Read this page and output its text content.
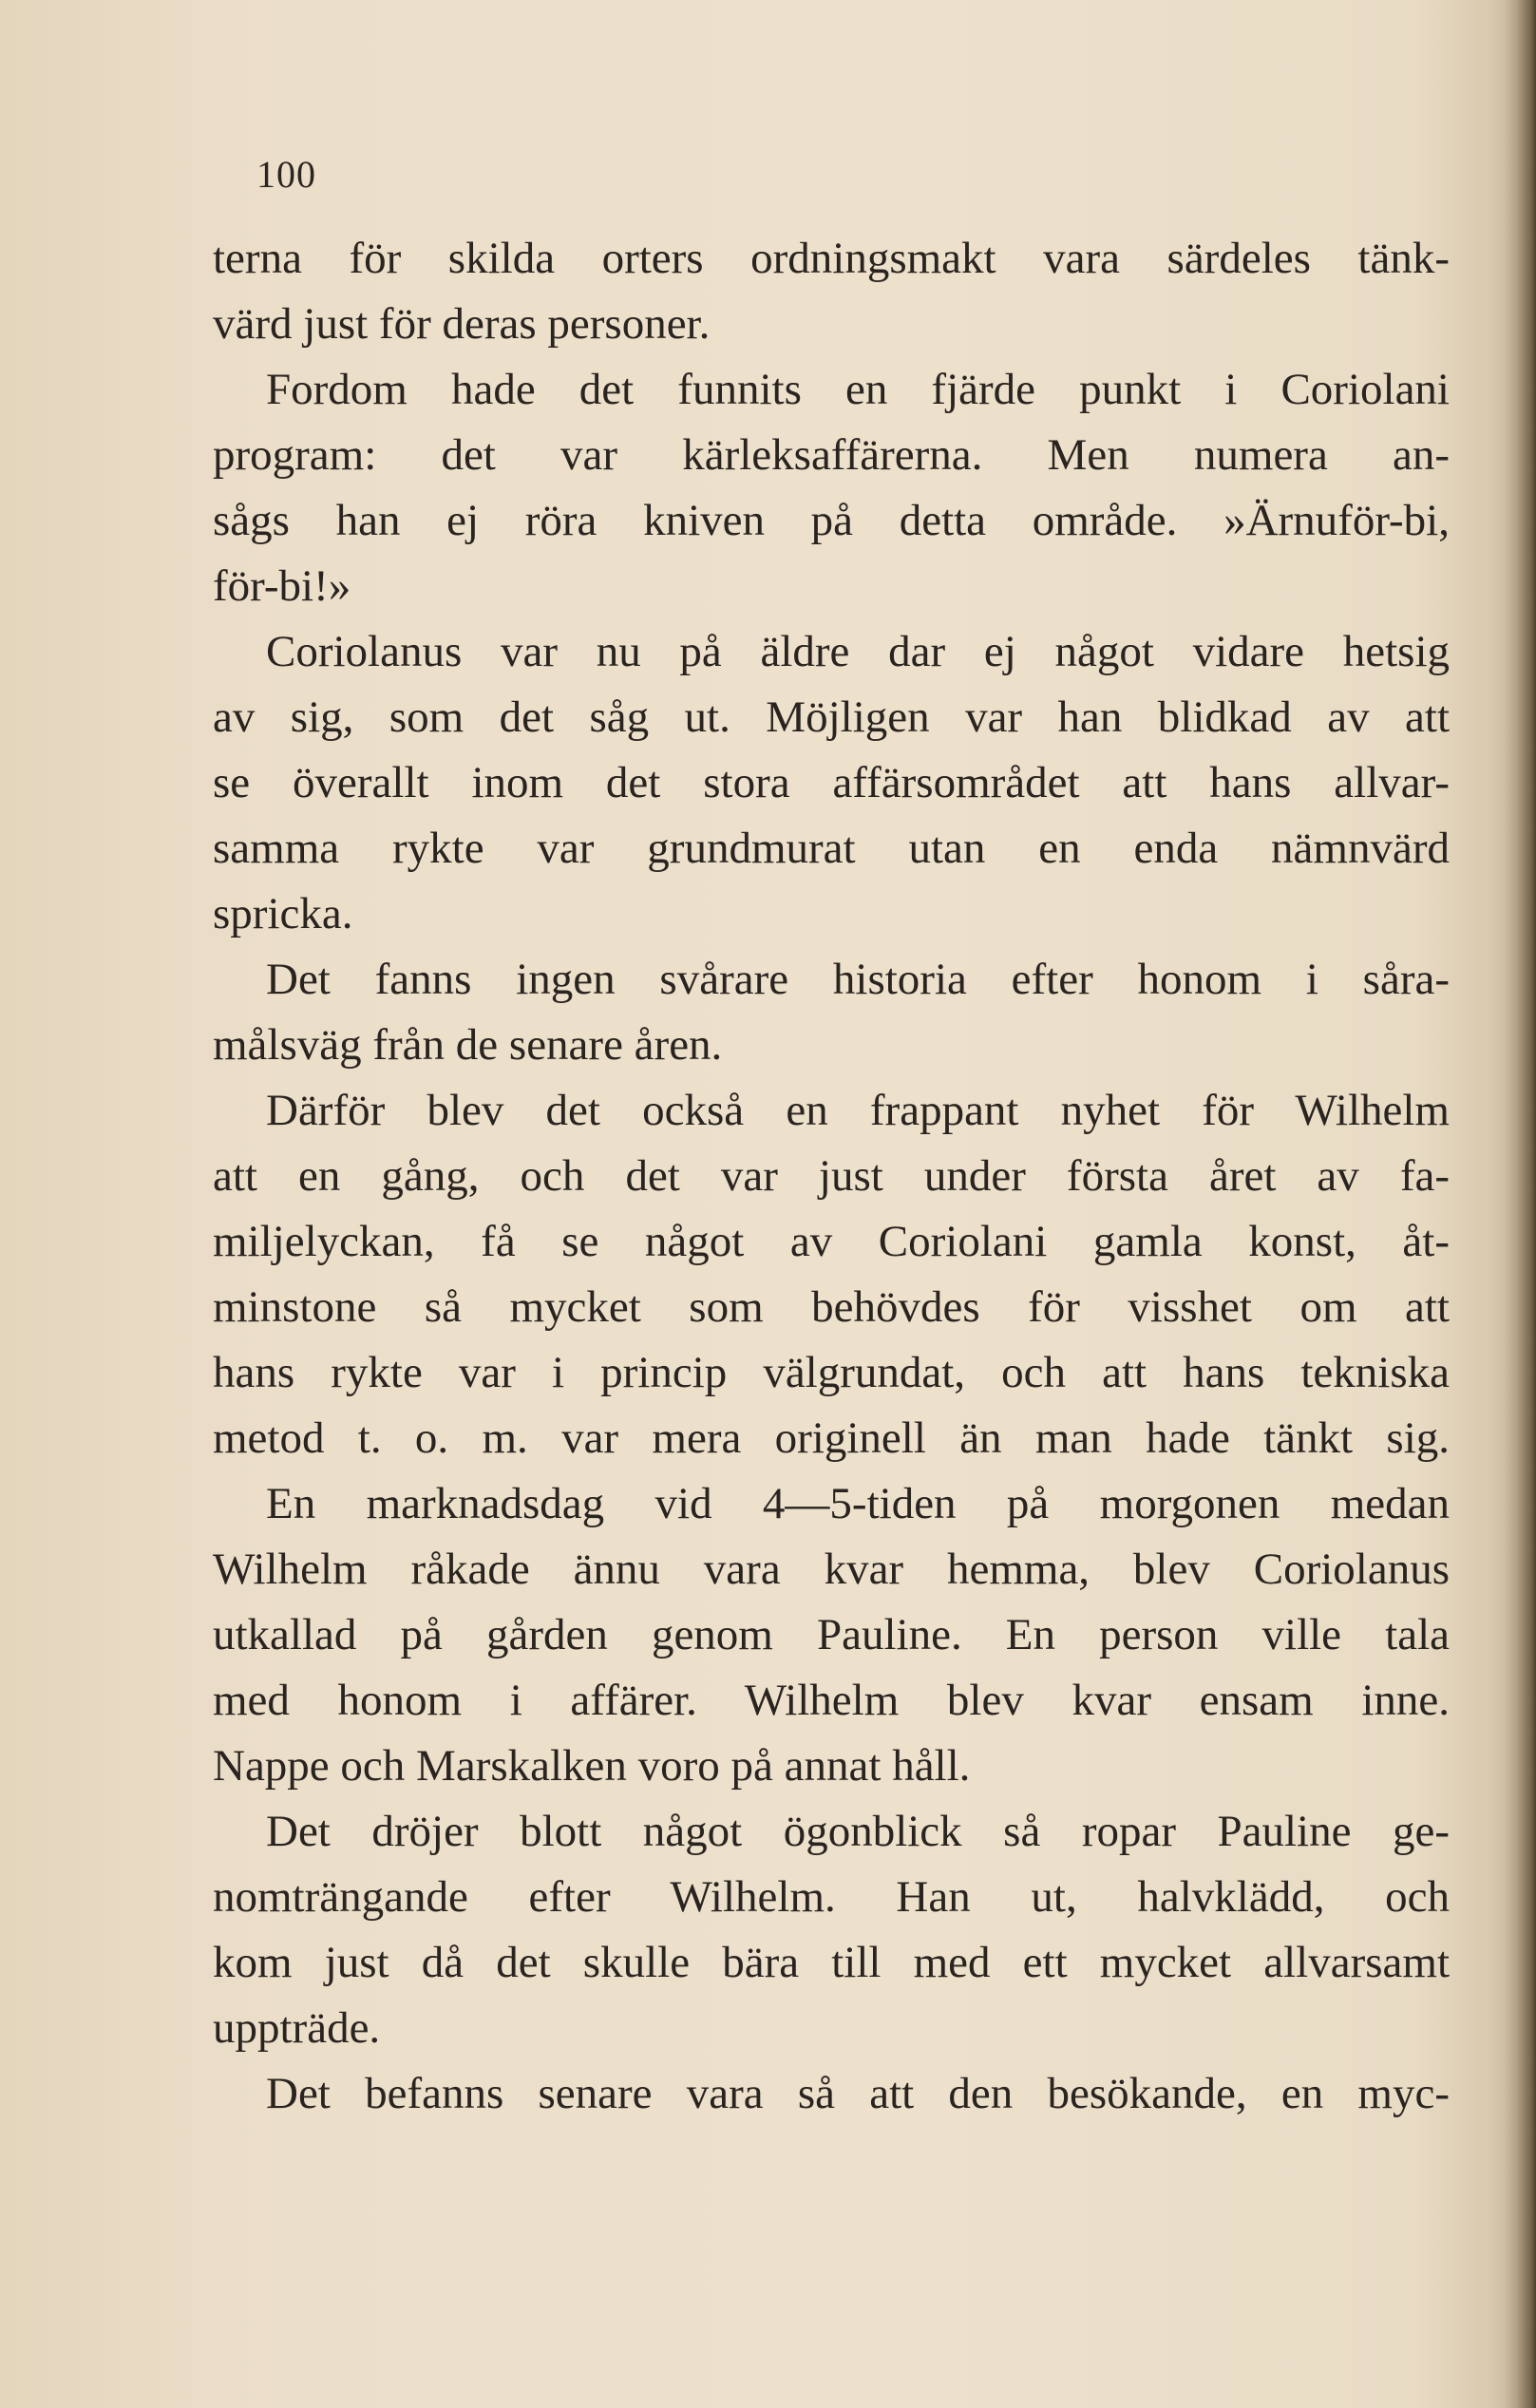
100
terna för skilda orters ordningsmakt vara särdeles tänk-
värd just för deras personer.
Fordom hade det funnits en fjärde punkt i Coriolani
program: det var kärleksaffärerna. Men numera an-
sågs han ej röra kniven på detta område. »Ärnuför-bi,
för-bi!»
Coriolanus var nu på äldre dar ej något vidare hetsig
av sig, som det såg ut. Möjligen var han blidkad av att
se överallt inom det stora affärsområdet att hans allvar-
samma rykte var grundmurat utan en enda nämnvärd
spricka.
Det fanns ingen svårare historia efter honom i såra-
målsväg från de senare åren.
Därför blev det också en frappant nyhet för Wilhelm
att en gång, och det var just under första året av fa-
miljelyckan, få se något av Coriolani gamla konst, åt-
minstone så mycket som behövdes för visshet om att
hans rykte var i princip välgrundat, och att hans tekniska
metod t. o. m. var mera originell än man hade tänkt sig.
En marknadsdag vid 4—5-tiden på morgonen medan
Wilhelm råkade ännu vara kvar hemma, blev Coriolanus
utkallad på gården genom Pauline. En person ville tala
med honom i affärer. Wilhelm blev kvar ensam inne.
Nappe och Marskalken voro på annat håll.
Det dröjer blott något ögonblick så ropar Pauline ge-
nomträngande efter Wilhelm. Han ut, halvklädd, och
kom just då det skulle bära till med ett mycket allvarsamt
uppträde.
Det befanns senare vara så att den besökande, en myc-
